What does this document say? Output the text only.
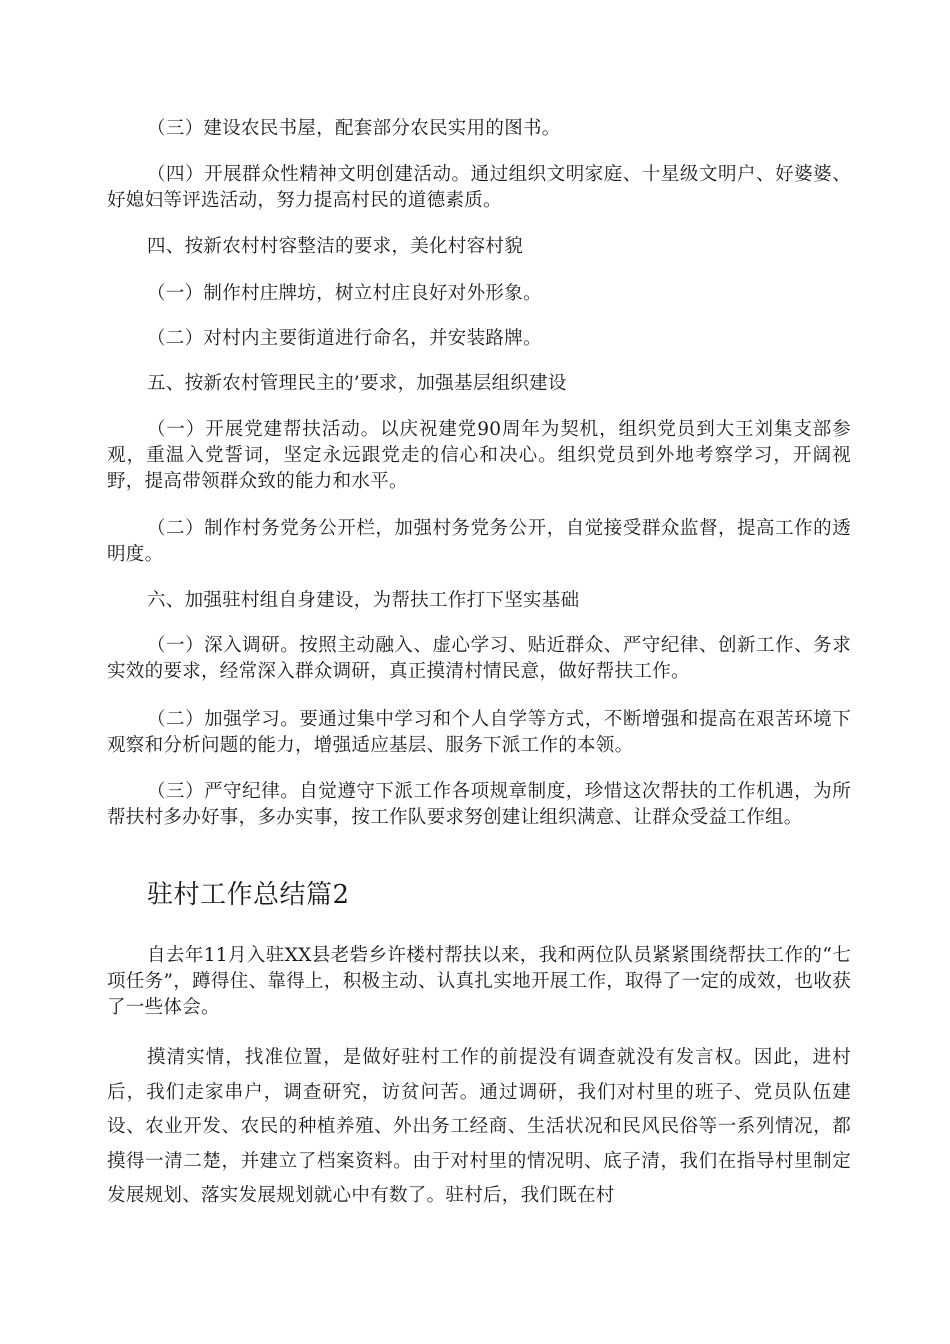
（三）建设农民书屋，配套部分农民实用的图书。

（四）开展群众性精神文明创建活动。通过组织文明家庭、十星级文明户、好婆婆、好媳妇等评选活动，努力提高村民的道德素质。

四、按新农村村容整洁的要求，美化村容村貌

（一）制作村庄牌坊，树立村庄良好对外形象。

（二）对村内主要街道进行命名，并安装路牌。

五、按新农村管理民主的’要求，加强基层组织建设

（一）开展党建帮扶活动。以庆祝建党90周年为契机，组织党员到大王刘集支部参观，重温入党誓词，坚定永远跟党走的信心和决心。组织党员到外地考察学习，开阔视野，提高带领群众致的能力和水平。

（二）制作村务党务公开栏，加强村务党务公开，自觉接受群众监督，提高工作的透明度。

六、加强驻村组自身建设，为帮扶工作打下坚实基础

（一）深入调研。按照主动融入、虚心学习、贴近群众、严守纪律、创新工作、务求实效的要求，经常深入群众调研，真正摸清村情民意，做好帮扶工作。

（二）加强学习。要通过集中学习和个人自学等方式，不断增强和提高在艰苦环境下观察和分析问题的能力，增强适应基层、服务下派工作的本领。

（三）严守纪律。自觉遵守下派工作各项规章制度，珍惜这次帮扶的工作机遇，为所帮扶村多办好事，多办实事，按工作队要求努创建让组织满意、让群众受益工作组。

驻村工作总结篇2

自去年11月入驻XX县老砦乡许楼村帮扶以来，我和两位队员紧紧围绕帮扶工作的“七项任务”，蹲得住、靠得上，积极主动、认真扎实地开展工作，取得了一定的成效，也收获了一些体会。

摸清实情，找准位置，是做好驻村工作的前提没有调查就没有发言权。因此，进村后，我们走家串户，调查研究，访贫问苦。通过调研，我们对村里的班子、党员队伍建设、农业开发、农民的种植养殖、外出务工经商、生活状况和民风民俗等一系列情况，都摸得一清二楚，并建立了档案资料。由于对村里的情况明、底子清，我们在指导村里制定发展规划、落实发展规划就心中有数了。驻村后，我们既在村
